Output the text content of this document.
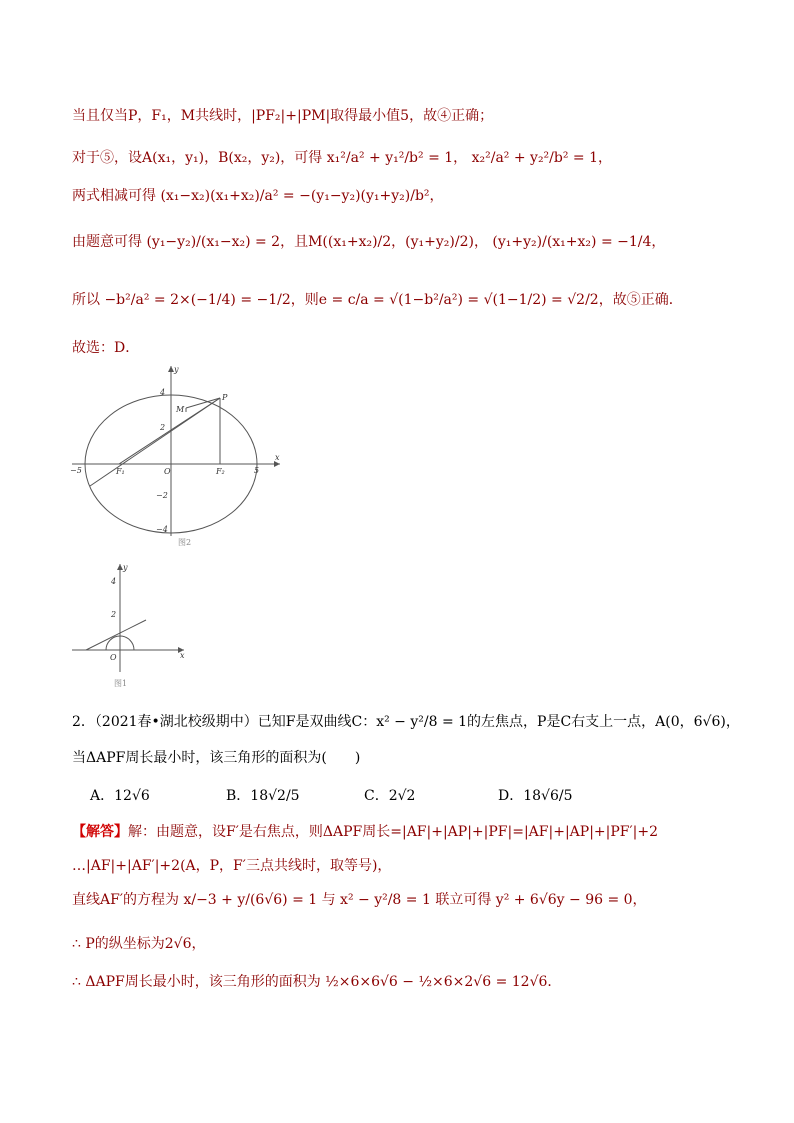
当且仅当P，F₁，M共线时，|PF₂|+|PM|取得最小值5，故④正确；
对于⑤，设A(x₁，y₁)，B(x₂，y₂)，可得 x₁²/a² + y₁²/b² = 1， x₂²/a² + y₂²/b² = 1，
两式相减可得 (x₁−x₂)(x₁+x₂)/a² = −(y₁−y₂)(y₁+y₂)/b²，
由题意可得 (y₁−y₂)/(x₁−x₂) = 2，且M((x₁+x₂)/2，(y₁+y₂)/2)， (y₁+y₂)/(x₁+x₂) = −1/4，
所以 −b²/a² = 2×(−1/4) = −1/2，则e = c/a = √(1−b²/a²) = √(1−1/2) = √2/2，故⑤正确．
故选：D．
x
y
O
−5	5
4
2
−2
−4
F₁	F₂
M
P
图2
x
y
O
4
2
图1
2．（2021春•湖北校级期中）已知F是双曲线C：x² − y²/8 = 1的左焦点，P是C右支上一点，A(0，6√6)，
当ΔAPF周长最小时，该三角形的面积为(　　)
A．12√6	B．18√2/5	C．2√2	D．18√6/5
【解答】解：由题意，设F′是右焦点，则ΔAPF周长=|AF|+|AP|+|PF|=|AF|+|AP|+|PF′|+2
…|AF|+|AF′|+2(A，P，F′三点共线时，取等号)，
直线AF′的方程为 x/−3 + y/(6√6) = 1 与 x² − y²/8 = 1 联立可得 y² + 6√6y − 96 = 0，
∴ P的纵坐标为2√6，
∴ ΔAPF周长最小时，该三角形的面积为 ½×6×6√6 − ½×6×2√6 = 12√6．
